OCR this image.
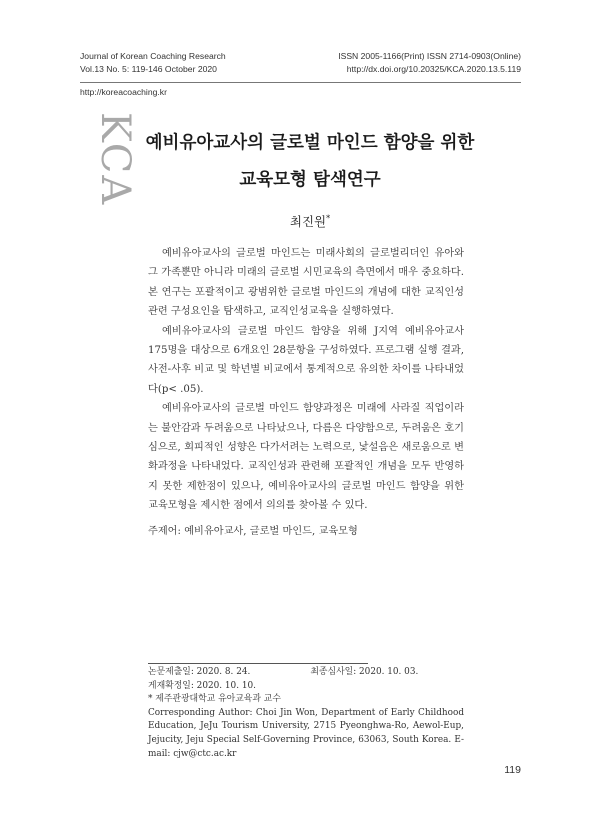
Journal of Korean Coaching Research
Vol.13 No. 5: 119-146 October 2020
ISSN 2005-1166(Print) ISSN 2714-0903(Online)
http://dx.doi.org/10.20325/KCA.2020.13.5.119
http://koreacoaching.kr
KCA 예비유아교사의 글로벌 마인드 함양을 위한
교육모형 탐색연구
최진원*

예비유아교사의 글로벌 마인드는 미래사회의 글로벌리더인 유아와 그 가족뿐만 아니라 미래의 글로벌 시민교육의 측면에서 매우 중요하다. 본 연구는 포괄적이고 광범위한 글로벌 마인드의 개념에 대한 교직인성관련 구성요인을 탐색하고, 교직인성교육을 실행하였다.

예비유아교사의 글로벌 마인드 함양을 위해 J지역 예비유아교사 175명을 대상으로 6개요인 28문항을 구성하였다. 프로그램 실행 결과, 사전-사후 비교 및 학년별 비교에서 통계적으로 유의한 차이를 나타내었다(p< .05).

예비유아교사의 글로벌 마인드 함양과정은 미래에 사라질 직업이라는 불안감과 두려움으로 나타났으나, 다름은 다양함으로, 두려움은 호기심으로, 회피적인 성향은 다가서려는 노력으로, 낯설음은 새로움으로 변화과정을 나타내었다. 교직인성과 관련해 포괄적인 개념을 모두 반영하지 못한 제한점이 있으나, 예비유아교사의 글로벌 마인드 함양을 위한 교육모형을 제시한 점에서 의의를 찾아볼 수 있다.

주제어: 예비유아교사, 글로벌 마인드, 교육모형
논문제출일: 2020. 8. 24.	최종심사일: 2020. 10. 03.       게재확정일: 2020. 10. 10.
* 제주관광대학교 유아교육과 교수
Corresponding Author: Choi Jin Won, Department of Early Childhood Education, JeJu Tourism University, 2715 Pyeonghwa-Ro, Aewol-Eup, Jejucity, Jeju Special Self-Governing Province, 63063, South Korea. E-mail: cjw@ctc.ac.kr
119
